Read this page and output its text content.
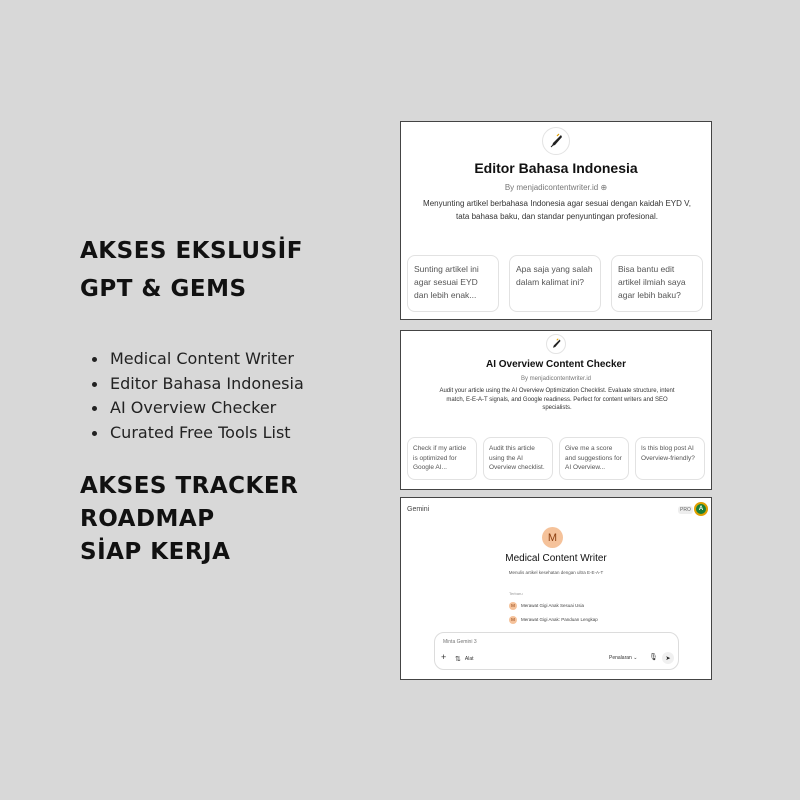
AKSES EKSLUSİF
GPT & GEMS
Medical Content Writer
Editor Bahasa Indonesia
AI Overview Checker
Curated Free Tools List
AKSES TRACKER
ROADMAP
SİAP KERJA
Editor Bahasa Indonesia
By menjadicontentwriter.id ⊕
Menyunting artikel berbahasa Indonesia agar sesuai dengan kaidah EYD V, tata bahasa baku, dan standar penyuntingan profesional.
Sunting artikel ini agar sesuai EYD dan lebih enak...
Apa saja yang salah dalam kalimat ini?
Bisa bantu edit artikel ilmiah saya agar lebih baku?
AI Overview Content Checker
By menjadicontentwriter.id
Audit your article using the AI Overview Optimization Checklist. Evaluate structure, intent match, E-E-A-T signals, and Google readiness. Perfect for content writers and SEO specialists.
Check if my article is optimized for Google AI...
Audit this article using the AI Overview checklist.
Give me a score and suggestions for AI Overview...
Is this blog post AI Overview-friendly?
Gemini	PRO	A
M
Medical Content Writer
Menulis artikel kesehatan dengan ultra E-E-A-T
Terbaru
M	Merawat Gigi Anak Sesuai Usia
M	Merawat Gigi Anak: Panduan Lengkap
Minta Gemini 3
+ ⇅ Alat	Penalaran ⌄ 🎙︎	➤
